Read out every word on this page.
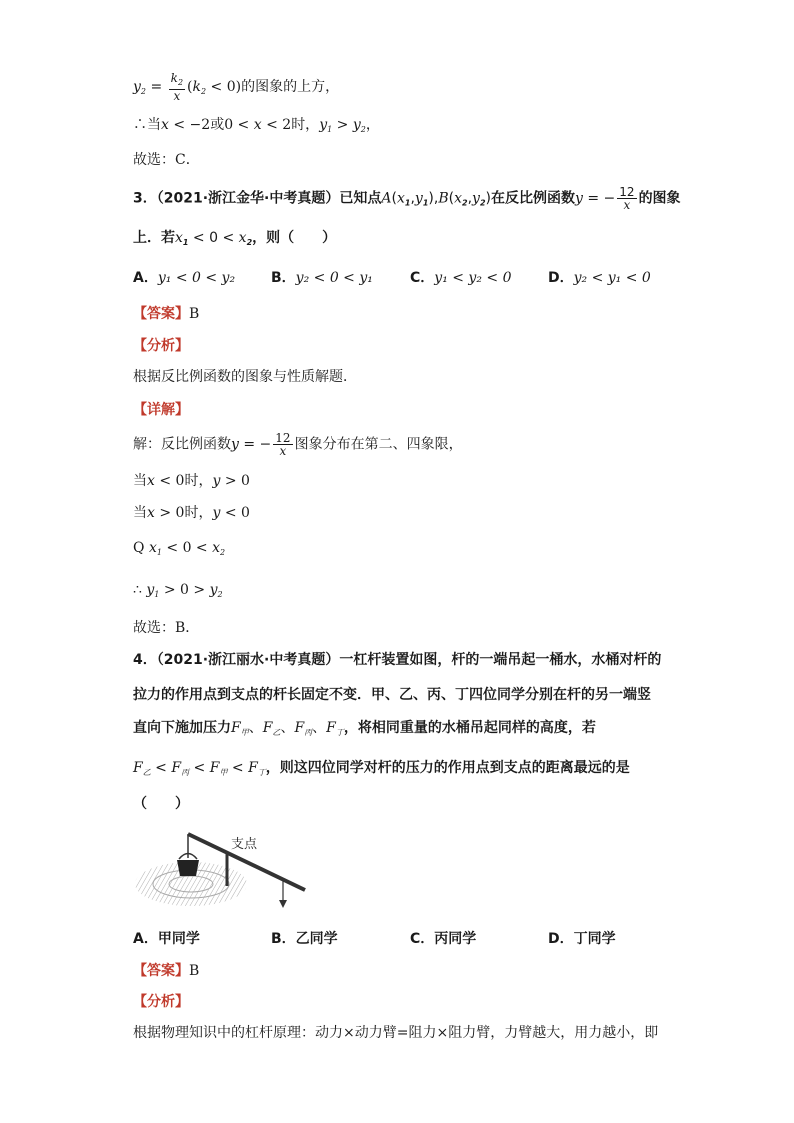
$y_2 = \frac{k_2}{x} (k_2 < 0)$的图象的上方，
∴当x < −2或0 < x < 2时，$y_1 > y_2$，
故选：C．
3．（2021·浙江金华·中考真题）已知点$A(x_1,y_1),B(x_2,y_2)$在反比例函数y = − $\frac{12}{x}$ 的图象
上．若$x_1 < 0 < x_2$，则（　　）
A．y₁ < 0 < y₂	B．y₂ < 0 < y₁	C．y₁ < y₂ < 0	D．y₂ < y₁ < 0
【答案】B
【分析】
根据反比例函数的图象与性质解题．
【详解】
解：反比例函数y = − $\frac{12}{x}$ 图象分布在第二、四象限，
当x < 0时，y > 0
当x > 0时，y < 0
Q $x_1 < 0 < x_2$
∴ $y_1 > 0 > y_2$
故选：B．
4．（2021·浙江丽水·中考真题）一杠杆装置如图，杆的一端吊起一桶水，水桶对杆的
拉力的作用点到支点的杆长固定不变．甲、乙、丙、丁四位同学分别在杆的另一端竖
直向下施加压力$F_甲$、$F_乙$、$F_丙$、$F_丁$，将相同重量的水桶吊起同样的高度，若
$F_乙 < F_丙 < F_甲 < F_丁$，则这四位同学对杆的压力的作用点到支点的距离最远的是
（　　）
支点
A．甲同学	B．乙同学	C．丙同学	D．丁同学
【答案】B
【分析】
根据物理知识中的杠杆原理：动力×动力臂=阻力×阻力臂，力臂越大，用力越小，即
